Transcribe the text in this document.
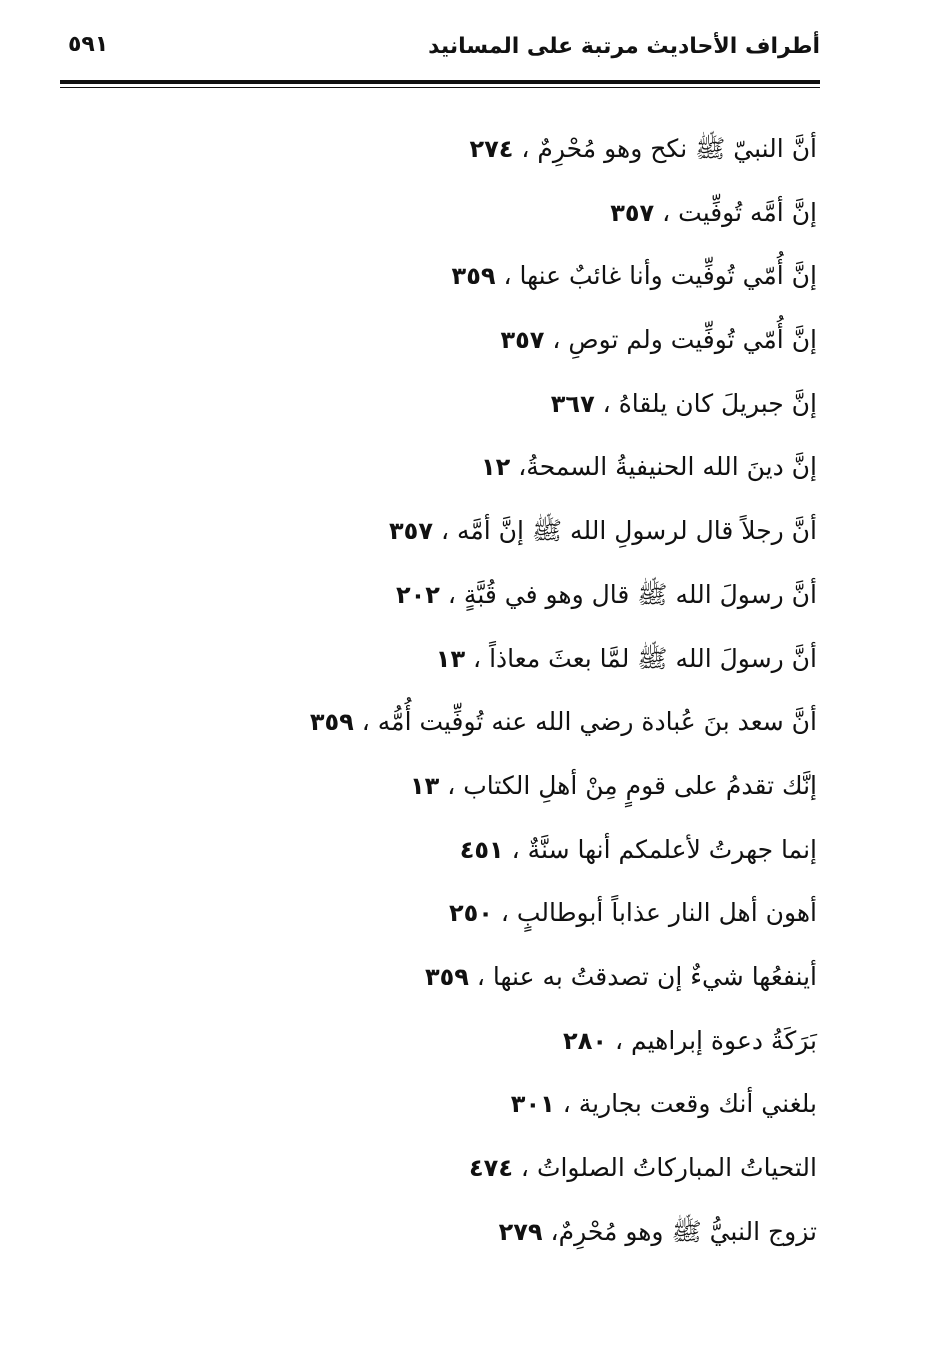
أطراف الأحاديث مرتبة على المسانيد
٥٩١
أنَّ النبيّ ﷺ نكح وهو مُحْرِمٌ ، ٢٧٤
إنَّ أمَّه تُوفِّيت ، ٣٥٧
إنَّ أُمّي تُوفِّيت وأنا غائبٌ عنها ، ٣٥٩
إنَّ أُمّي تُوفِّيت ولم توصِ ، ٣٥٧
إنَّ جبريلَ كان يلقاهُ ، ٣٦٧
إنَّ دينَ الله الحنيفيةُ السمحةُ، ١٢
أنَّ رجلاً قال لرسولِ الله ﷺ إنَّ أمَّه ، ٣٥٧
أنَّ رسولَ الله ﷺ قال وهو في قُبَّةٍ ، ٢٠٢
أنَّ رسولَ الله ﷺ لمَّا بعثَ معاذاً ، ١٣
أنَّ سعد بنَ عُبادة رضي الله عنه تُوفِّيت أُمُّه ، ٣٥٩
إنَّك تقدمُ على قومٍ مِنْ أهلِ الكتاب ، ١٣
إنما جهرتُ لأعلمكم أنها سنَّةٌ ، ٤٥١
أهون أهل النار عذاباً أبوطالبٍ ، ٢٥٠
أينفعُها شيءٌ إن تصدقتُ به عنها ، ٣٥٩
بَرَكَةُ دعوة إبراهيم ، ٢٨٠
بلغني أنك وقعت بجارية ، ٣٠١
التحياتُ المباركاتُ الصلواتُ ، ٤٧٤
تزوج النبيُّ ﷺ وهو مُحْرِمٌ، ٢٧٩
